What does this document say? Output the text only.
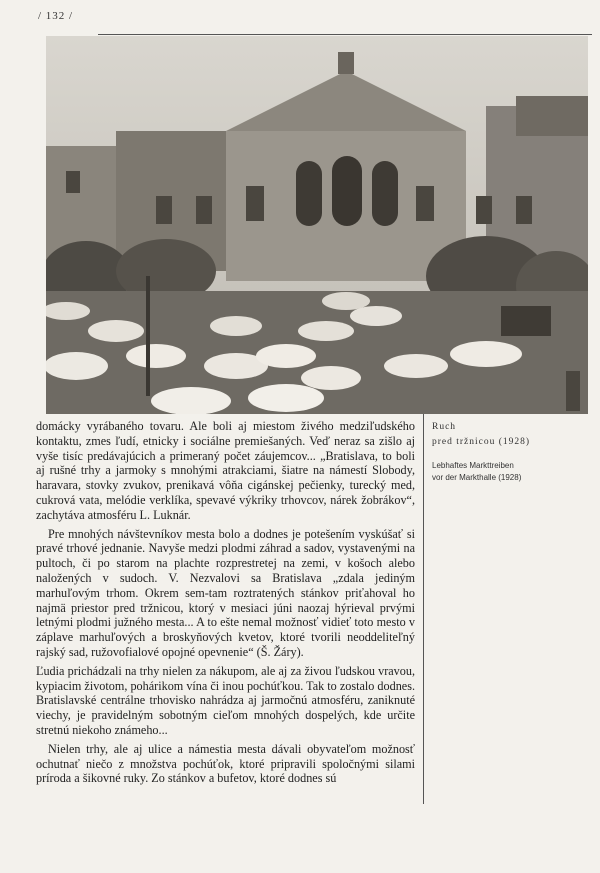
/ 132 /

domácky vyrábaného tovaru. Ale boli aj miestom živého medziľudského kontaktu, zmes ľudí, etnicky i sociálne premiešaných. Veď neraz sa zišlo aj vyše tisíc predávajúcich a primeraný počet záujemcov... „Bratislava, to boli aj rušné trhy a jarmoky s mnohými atrakciami, šiatre na námestí Slobody, haravara, stovky zvukov, prenikavá vôňa cigánskej pečienky, turecký med, cukrová vata, melódie verklíka, spevavé výkriky trhovcov, nárek žobrákov“, zachytáva atmosféru L. Luknár.

Pre mnohých návštevníkov mesta bolo a dodnes je potešením vyskúšať si pravé trhové jednanie. Navyše medzi plodmi záhrad a sadov, vystavenými na pultoch, či po starom na plachte rozprestretej na zemi, v košoch alebo naložených v sudoch. V. Nezvalovi sa Bratislava „zdala jediným marhuľovým trhom. Okrem sem-tam roztratených stánkov priťahoval ho najmä priestor pred tržnicou, ktorý v mesiaci júni naozaj hýrieval prvými letnými plodmi južného mesta... A to ešte nemal možnosť vidieť toto mesto v záplave marhuľových a broskyňových kvetov, ktoré tvorili neoddeliteľný rajský sad, ružovofialové opojné opevnenie“ (Š. Žáry).

Ľudia prichádzali na trhy nielen za nákupom, ale aj za živou ľudskou vravou, kypiacim životom, pohárikom vína či inou pochúťkou. Tak to zostalo dodnes. Bratislavské centrálne trhovisko nahrádza aj jarmočnú atmosféru, zaniknuté viechy, je pravidelným sobotným cieľom mnohých dospelých, kde určite stretnú niekoho známeho...

Nielen trhy, ale aj ulice a námestia mesta dávali obyvateľom možnosť ochutnať niečo z množstva pochúťok, ktoré pripravili spoločnými silami príroda a šikovné ruky. Zo stánkov a bufetov, ktoré dodnes sú

Ruch
pred tržnicou (1928)
Lebhaftes Markttreiben
vor der Markthalle (1928)
